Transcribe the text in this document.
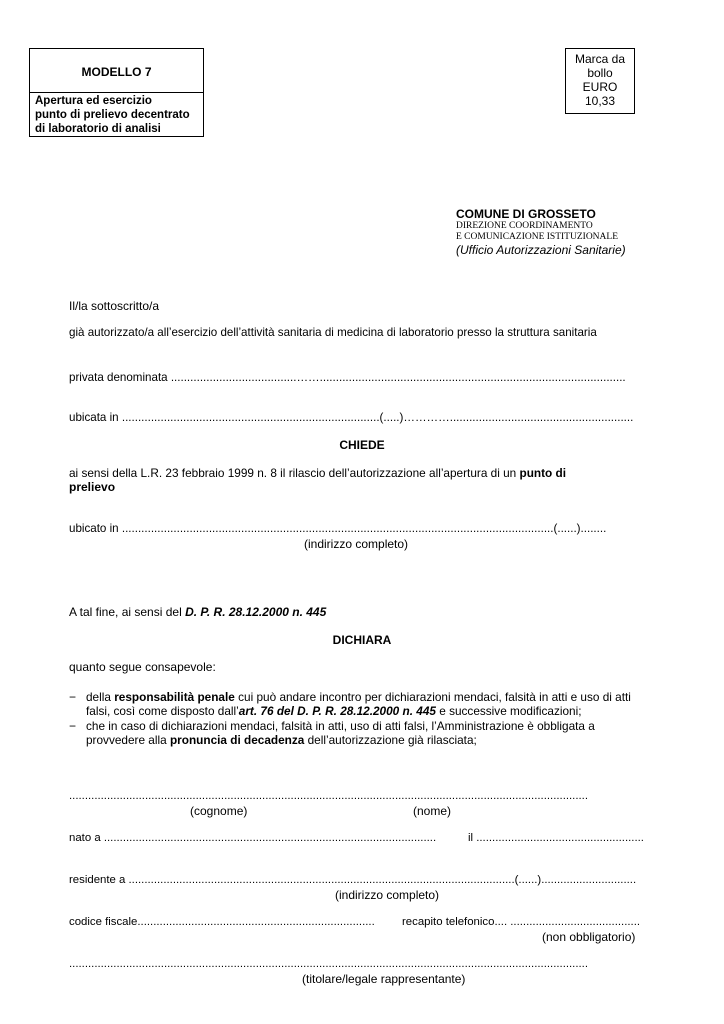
MODELLO 7
Apertura ed esercizio
punto di prelievo decentrato
di laboratorio di analisi
Marca da
bollo
EURO
10,33
COMUNE DI GROSSETO
DIREZIONE COORDINAMENTO
E COMUNICAZIONE ISTITUZIONALE
(Ufficio Autorizzazioni Sanitarie)
Il/la sottoscritto/a
già autorizzato/a all’esercizio dell’attività sanitaria di medicina di laboratorio presso la struttura sanitaria
privata denominata .......................................……...............................................................................................
ubicata in ................................................................................(.....)………….........................................................
CHIEDE
ai sensi della L.R. 23 febbraio 1999 n. 8 il rilascio dell’autorizzazione all’apertura di un punto di
prelievo
ubicato in ......................................................................................................................................(......)........
(indirizzo completo)
A tal fine, ai sensi del D. P. R. 28.12.2000 n. 445
DICHIARA
quanto segue consapevole:
− della responsabilità penale cui può andare incontro per dichiarazioni mendaci, falsità in atti e uso di atti
falsi, così come disposto dall’art. 76 del D. P. R. 28.12.2000 n. 445 e successive modificazioni;
− che in caso di dichiarazioni mendaci, falsità in atti, uso di atti falsi, l’Amministrazione è obbligata a
provvedere alla pronuncia di decadenza dell’autorizzazione già rilasciata;
....................................................................................................................................................................
(cognome)	(nome)
nato a .........................................................................................................	il .....................................................
residente a ..........................................................................................................................(......)..............................
(indirizzo completo)
codice fiscale........................................................................... recapito telefonico.... .........................................
(non obbligatorio)
....................................................................................................................................................................
(titolare/legale rappresentante)
